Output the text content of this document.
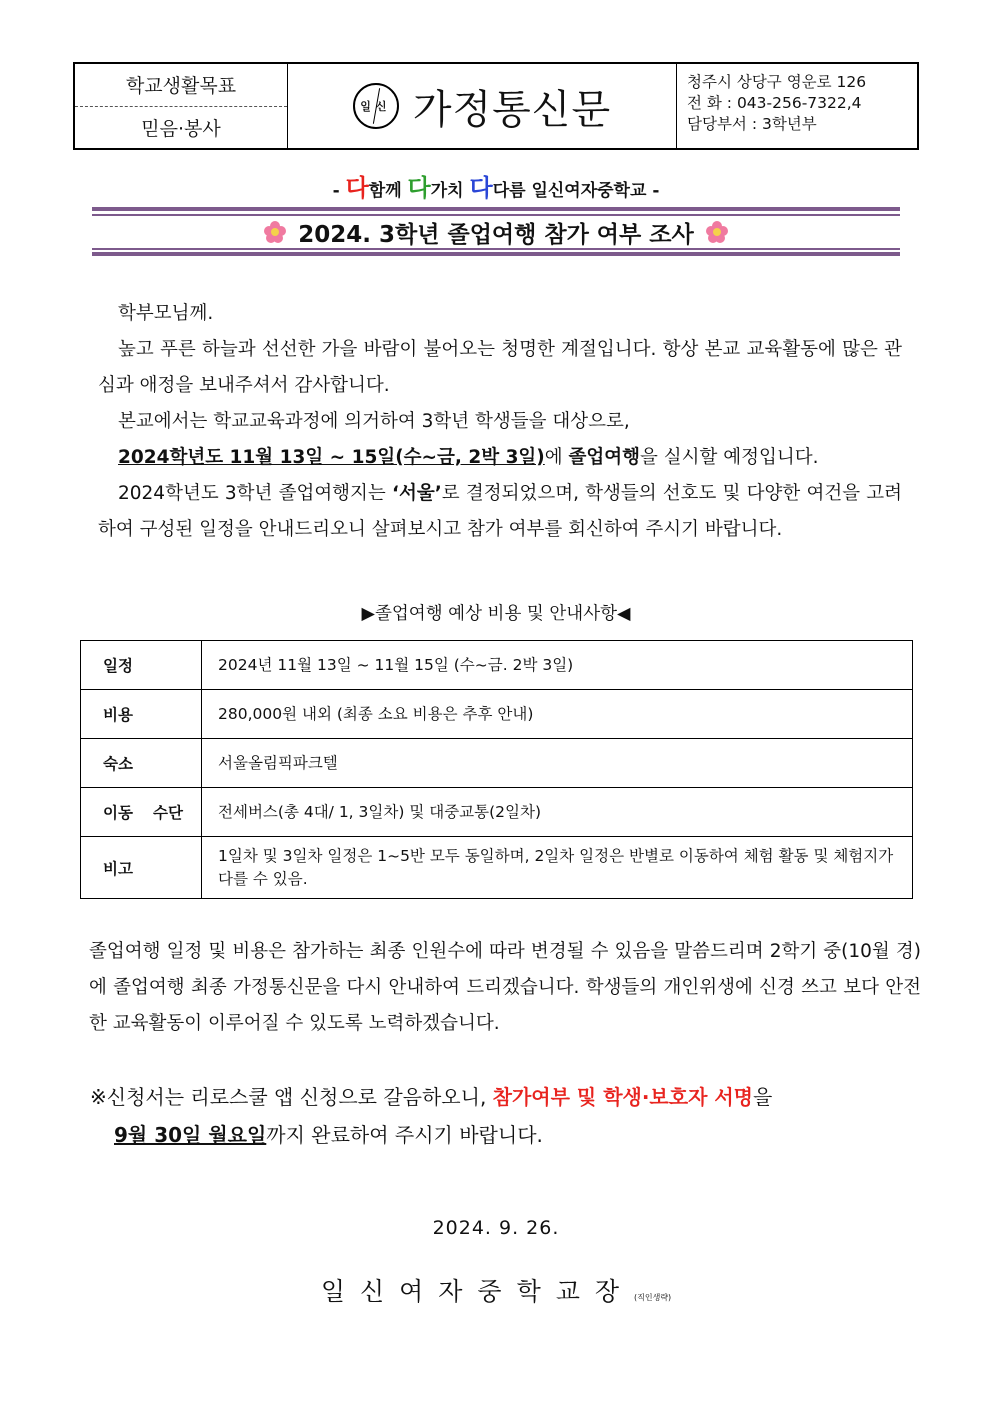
학교생활목표
믿음·봉사
일신 가정통신문
청주시 상당구 영운로 126
전 화 : 043-256-7322,4
담당부서 : 3학년부
- 다함께 다가치 다다름 일신여자중학교 -
2024. 3학년 졸업여행 참가 여부 조사

학부모님께.

높고 푸른 하늘과 선선한 가을 바람이 불어오는 청명한 계절입니다. 항상 본교 교육활동에 많은 관심과 애정을 보내주셔서 감사합니다.

본교에서는 학교교육과정에 의거하여 3학년 학생들을 대상으로,

2024학년도 11월 13일 ~ 15일(수~금, 2박 3일)에 졸업여행을 실시할 예정입니다.

2024학년도 3학년 졸업여행지는 ‘서울’로 결정되었으며, 학생들의 선호도 및 다양한 여건을 고려하여 구성된 일정을 안내드리오니 살펴보시고 참가 여부를 회신하여 주시기 바랍니다.

▶졸업여행 예상 비용 및 안내사항◀
일정	2024년 11월 13일 ~ 11월 15일 (수~금. 2박 3일)
비용	280,000원 내외 (최종 소요 비용은 추후 안내)
숙소	서울올림픽파크텔
이동 수단	전세버스(총 4대/ 1, 3일차) 및 대중교통(2일차)
비고	1일차 및 3일차 일정은 1~5반 모두 동일하며, 2일차 일정은 반별로 이동하여 체험 활동 및 체험지가 다를 수 있음.

졸업여행 일정 및 비용은 참가하는 최종 인원수에 따라 변경될 수 있음을 말씀드리며 2학기 중(10월 경)에 졸업여행 최종 가정통신문을 다시 안내하여 드리겠습니다. 학생들의 개인위생에 신경 쓰고 보다 안전한 교육활동이 이루어질 수 있도록 노력하겠습니다.

※신청서는 리로스쿨 앱 신청으로 갈음하오니, 참가여부 및 학생·보호자 서명을

9월 30일 월요일까지 완료하여 주시기 바랍니다.

2024. 9. 26.
일신여자중학교장(직인생략)
